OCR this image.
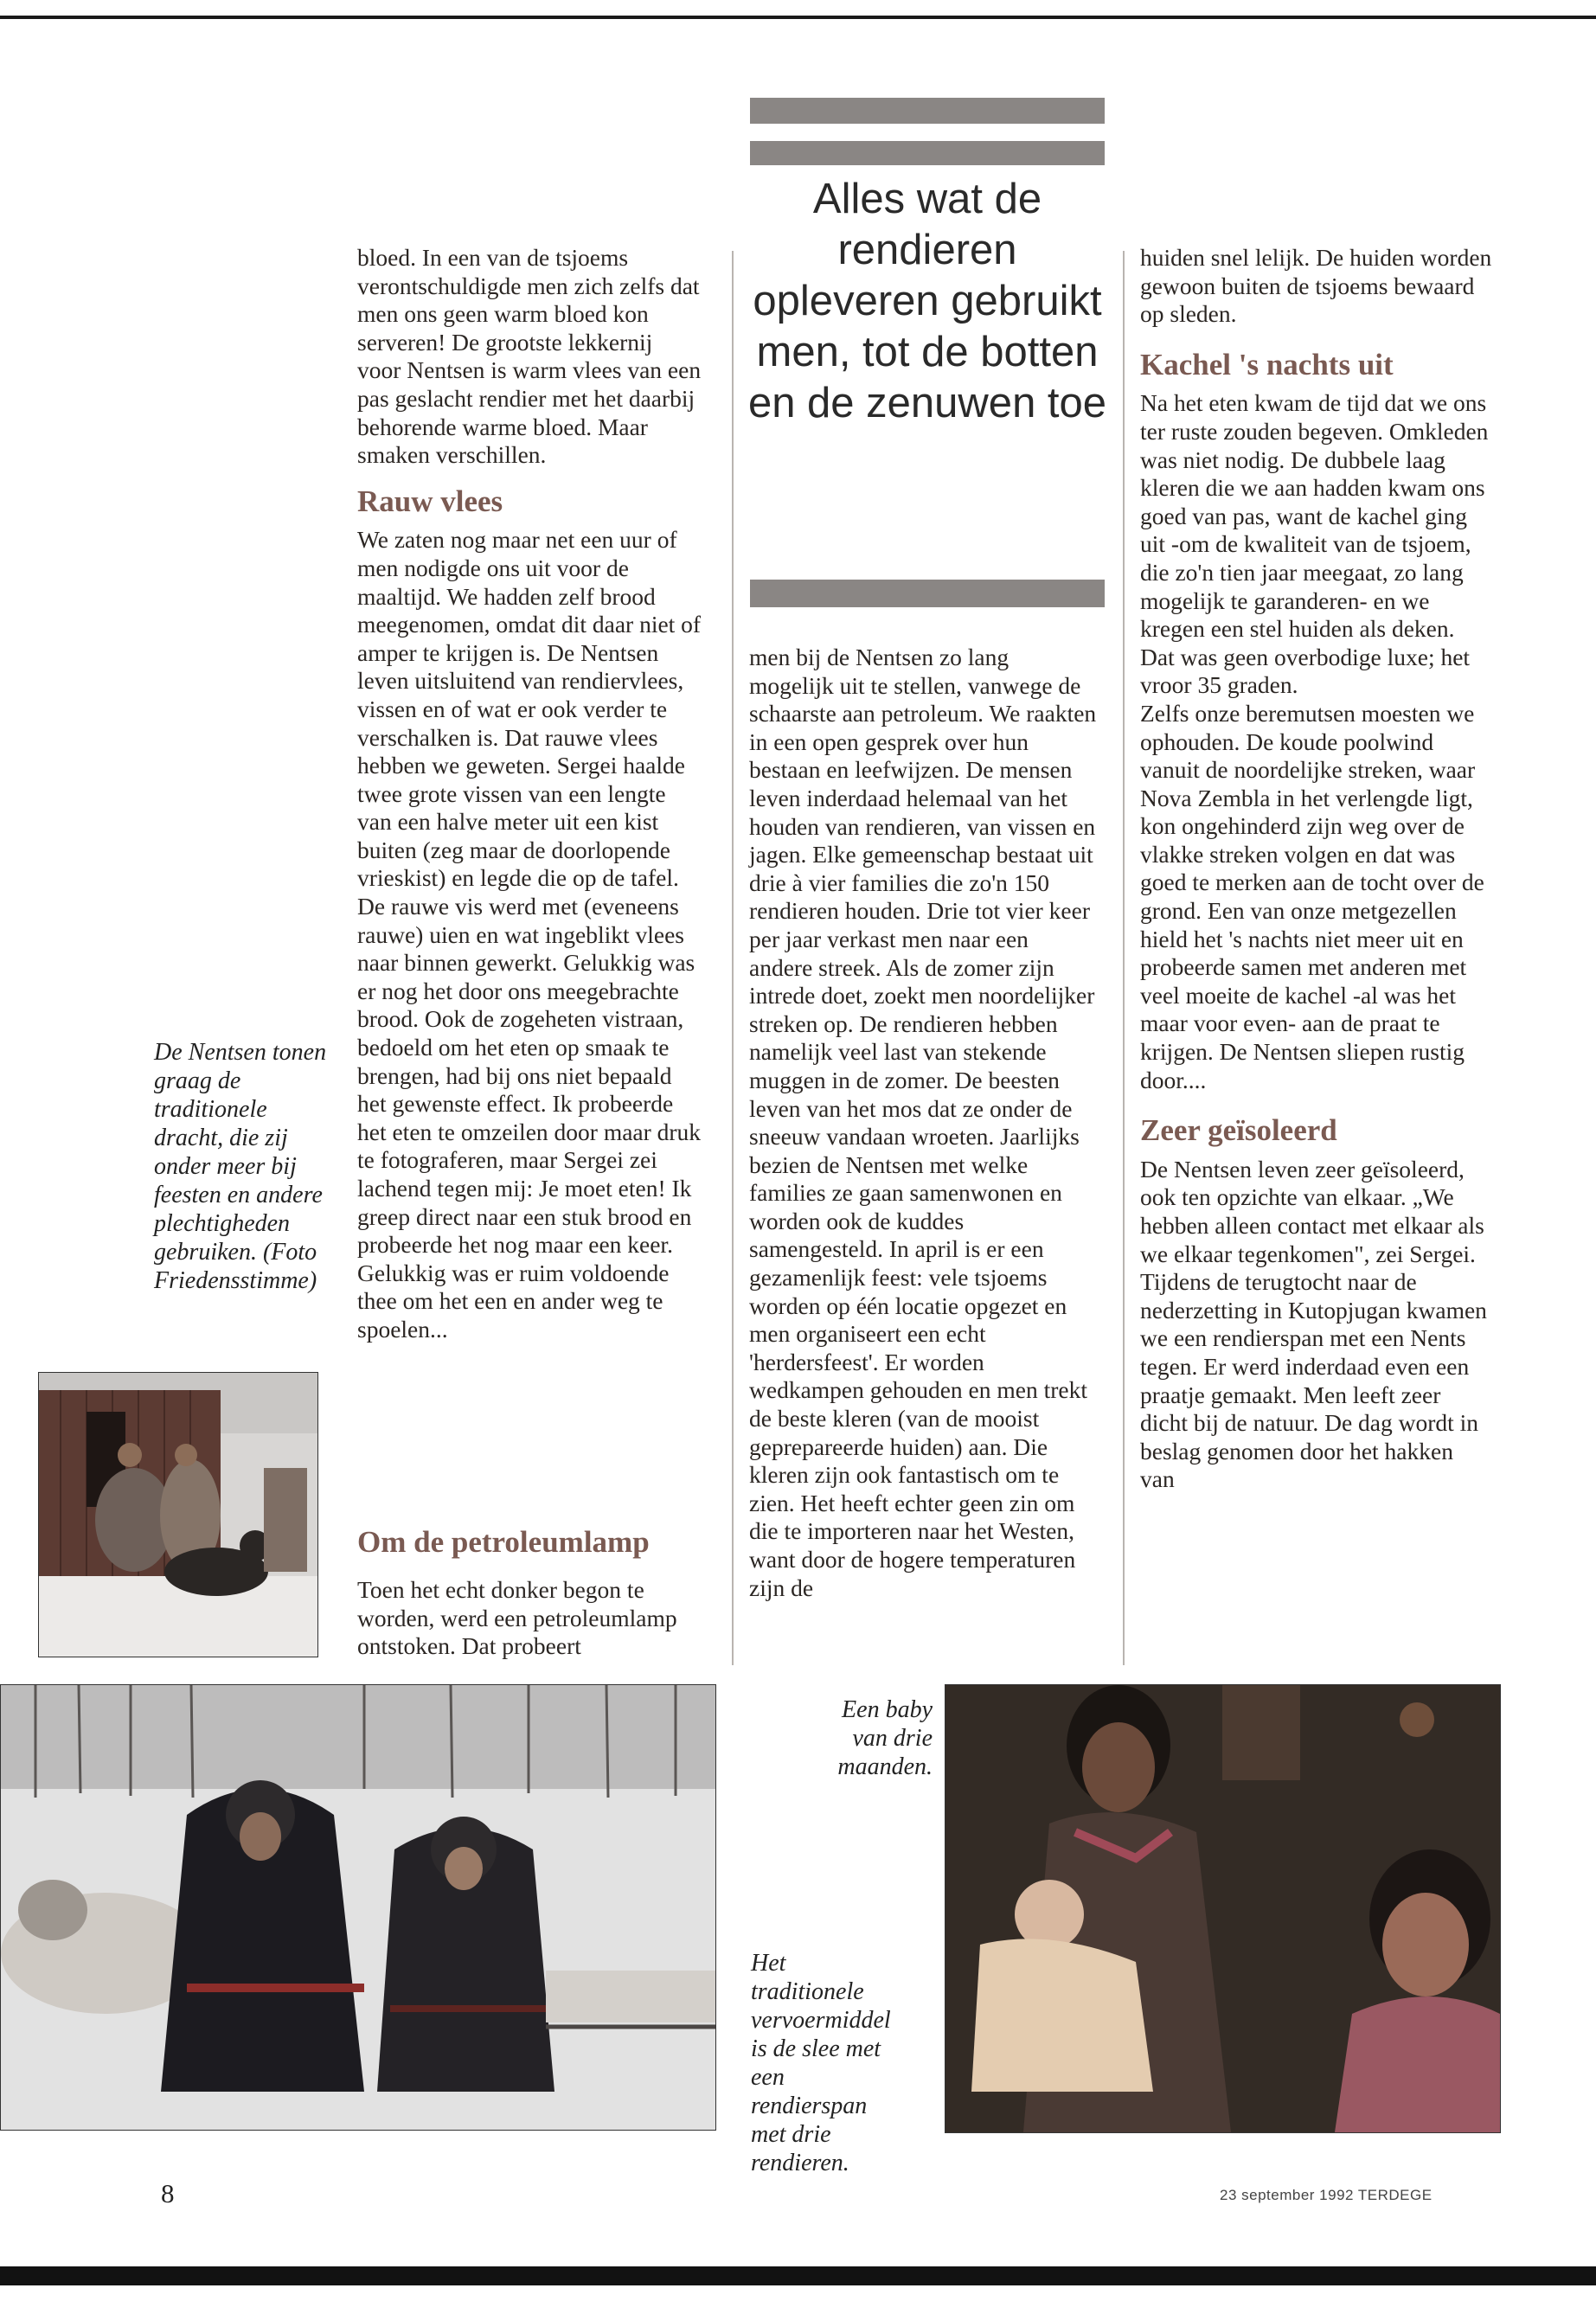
Alles wat de rendieren opleveren gebruikt men, tot de botten en de zenuwen toe

bloed. In een van de tsjoems verontschuldigde men zich zelfs dat men ons geen warm bloed kon serveren! De grootste lekkernij voor Nentsen is warm vlees van een pas geslacht rendier met het daarbij behorende warme bloed. Maar smaken verschillen.

Rauw vlees

We zaten nog maar net een uur of men nodigde ons uit voor de maaltijd. We hadden zelf brood meegenomen, omdat dit daar niet of amper te krijgen is. De Nentsen leven uitsluitend van rendiervlees, vissen en of wat er ook verder te verschalken is. Dat rauwe vlees hebben we geweten. Sergei haalde twee grote vissen van een lengte van een halve meter uit een kist buiten (zeg maar de doorlopende vrieskist) en legde die op de tafel. De rauwe vis werd met (eveneens rauwe) uien en wat ingeblikt vlees naar binnen gewerkt. Gelukkig was er nog het door ons meegebrachte brood. Ook de zogeheten vistraan, bedoeld om het eten op smaak te brengen, had bij ons niet bepaald het gewenste effect. Ik probeerde het eten te omzeilen door maar druk te fotograferen, maar Sergei zei lachend tegen mij: Je moet eten! Ik greep direct naar een stuk brood en probeerde het nog maar een keer. Gelukkig was er ruim voldoende thee om het een en ander weg te spoelen...

Om de petroleumlamp

Toen het echt donker begon te worden, werd een petroleumlamp ontstoken. Dat probeert

men bij de Nentsen zo lang mogelijk uit te stellen, vanwege de schaarste aan petroleum. We raakten in een open gesprek over hun bestaan en leefwijzen. De mensen leven inderdaad helemaal van het houden van rendieren, van vissen en jagen. Elke gemeenschap bestaat uit drie à vier families die zo'n 150 rendieren houden. Drie tot vier keer per jaar verkast men naar een andere streek. Als de zomer zijn intrede doet, zoekt men noordelijker streken op. De rendieren hebben namelijk veel last van stekende muggen in de zomer. De beesten leven van het mos dat ze onder de sneeuw vandaan wroeten. Jaarlijks bezien de Nentsen met welke families ze gaan samenwonen en worden ook de kuddes samengesteld. In april is er een gezamenlijk feest: vele tsjoems worden op één locatie opgezet en men organiseert een echt 'herdersfeest'. Er worden wedkampen gehouden en men trekt de beste kleren (van de mooist geprepareerde huiden) aan. Die kleren zijn ook fantastisch om te zien. Het heeft echter geen zin om die te importeren naar het Westen, want door de hogere temperaturen zijn de

huiden snel lelijk. De huiden worden gewoon buiten de tsjoems bewaard op sleden.

Kachel 's nachts uit

Na het eten kwam de tijd dat we ons ter ruste zouden begeven. Omkleden was niet nodig. De dubbele laag kleren die we aan hadden kwam ons goed van pas, want de kachel ging uit -om de kwaliteit van de tsjoem, die zo'n tien jaar meegaat, zo lang mogelijk te garanderen- en we kregen een stel huiden als deken. Dat was geen overbodige luxe; het vroor 35 graden.

Zelfs onze beremutsen moesten we ophouden. De koude poolwind vanuit de noordelijke streken, waar Nova Zembla in het verlengde ligt, kon ongehinderd zijn weg over de vlakke streken volgen en dat was goed te merken aan de tocht over de grond. Een van onze metgezellen hield het 's nachts niet meer uit en probeerde samen met anderen met veel moeite de kachel -al was het maar voor even- aan de praat te krijgen. De Nentsen sliepen rustig door....

Zeer geïsoleerd

De Nentsen leven zeer geïsoleerd, ook ten opzichte van elkaar. „We hebben alleen contact met elkaar als we elkaar tegenkomen", zei Sergei. Tijdens de terugtocht naar de nederzetting in Kutopjugan kwamen we een rendierspan met een Nents tegen. Er werd inderdaad even een praatje gemaakt. Men leeft zeer dicht bij de natuur. De dag wordt in beslag genomen door het hakken van

De Nentsen tonen graag de traditionele dracht, die zij onder meer bij feesten en andere plechtigheden gebruiken. (Foto Friedensstimme)
Een baby van drie maanden.
Het traditionele vervoermiddel is de slee met een rendierspan met drie rendieren.
8	23 september 1992 TERDEGE
